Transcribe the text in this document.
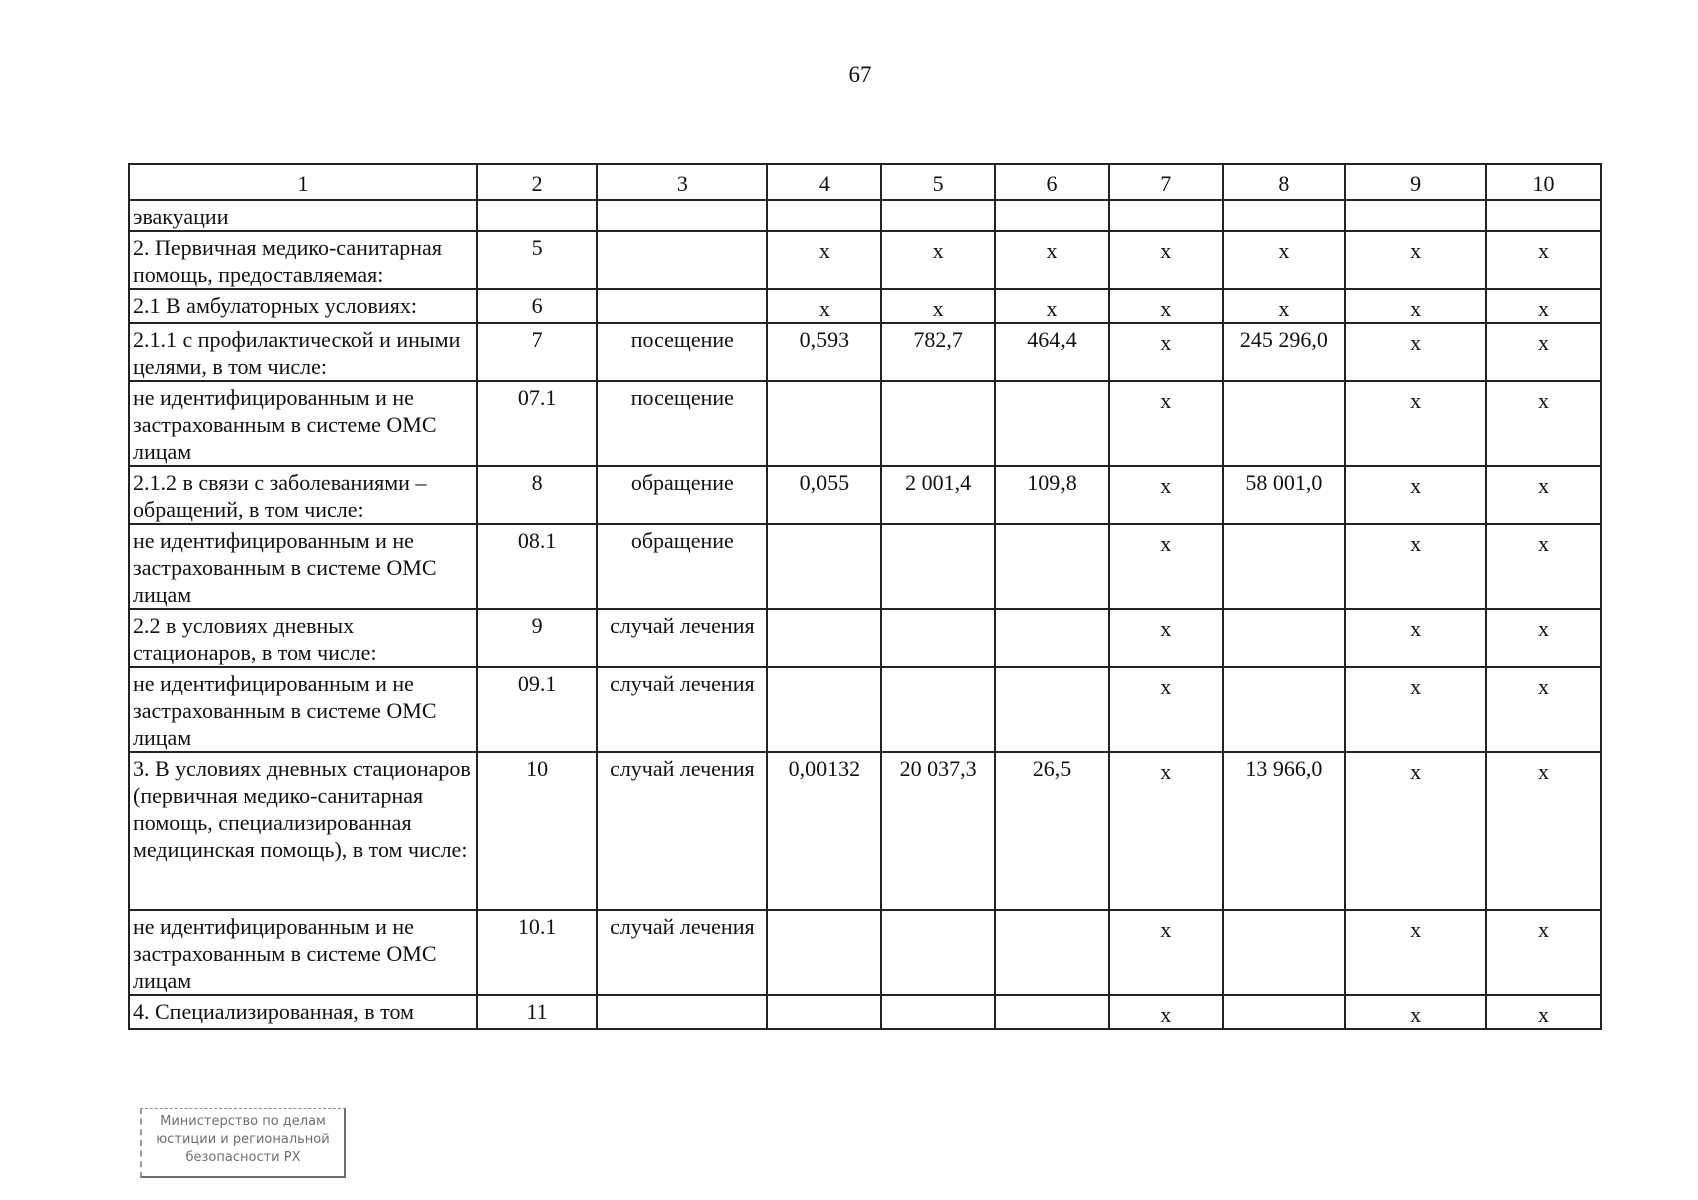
67
1	2	3	4	5	6	7	8	9	10
эвакуации									
2. Первичная медико-санитарная помощь, предоставляемая:	5		х	х	х	х	х	х	х
2.1 В амбулаторных условиях:	6		х	х	х	х	х	х	х
2.1.1 с профилактической и иными целями, в том числе:	7	посещение	0,593	782,7	464,4	х	245 296,0	х	х
не идентифицированным и не застрахованным в системе ОМС лицам	07.1	посещение				х		х	х
2.1.2 в связи с заболеваниями – обращений, в том числе:	8	обращение	0,055	2 001,4	109,8	х	58 001,0	х	х
не идентифицированным и не застрахованным в системе ОМС лицам	08.1	обращение				х		х	х
2.2 в условиях дневных стационаров, в том числе:	9	случай лечения				х		х	х
не идентифицированным и не застрахованным в системе ОМС лицам	09.1	случай лечения				х		х	х
3. В условиях дневных стационаров (первичная медико-санитарная помощь, специализированная медицинская помощь), в том числе:	10	случай лечения	0,00132	20 037,3	26,5	х	13 966,0	х	х
не идентифицированным и не застрахованным в системе ОМС лицам	10.1	случай лечения				х		х	х
4. Специализированная, в том	11					х		х	х
Министерство по делам
юстиции и региональной
безопасности РХ
